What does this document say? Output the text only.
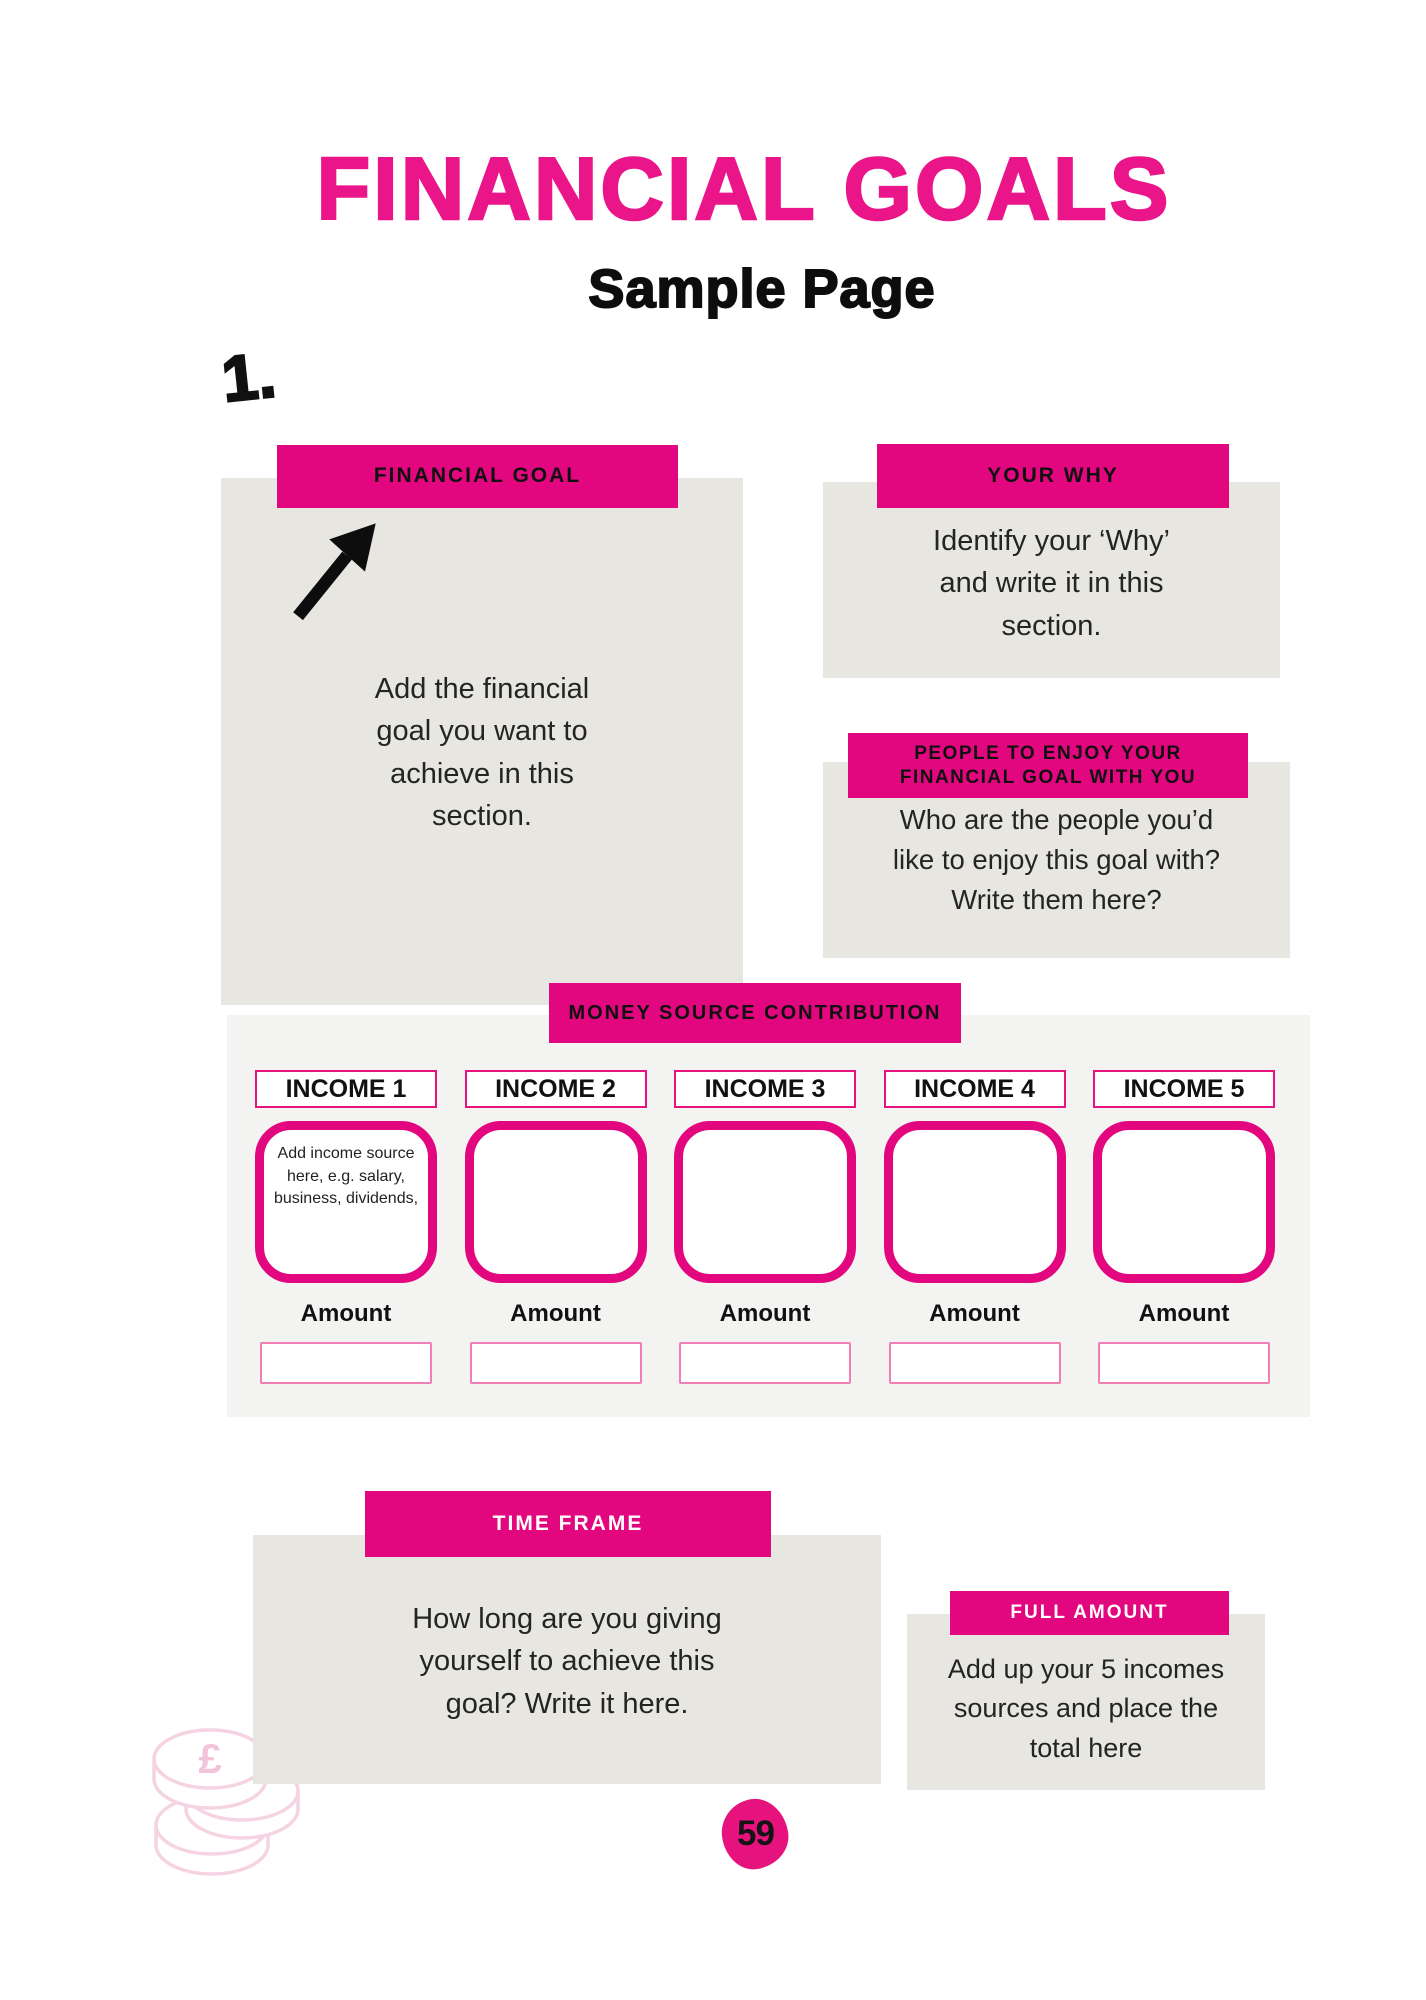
FINANCIAL GOALS
Sample Page
1.
FINANCIAL GOAL
Add the financial goal you want to achieve in this section.
YOUR WHY
Identify your ‘Why’ and write it in this section.
PEOPLE TO ENJOY YOUR
FINANCIAL GOAL WITH YOU
Who are the people you’d like to enjoy this goal with? Write them here?
MONEY SOURCE CONTRIBUTION
INCOME 1
Add income source here, e.g. salary, business, dividends,
Amount
INCOME 2
Amount
INCOME 3
Amount
INCOME 4
Amount
INCOME 5
Amount
TIME FRAME
How long are you giving yourself to achieve this goal? Write it here.
FULL AMOUNT
Add up your 5 incomes sources and place the total here
£
59
